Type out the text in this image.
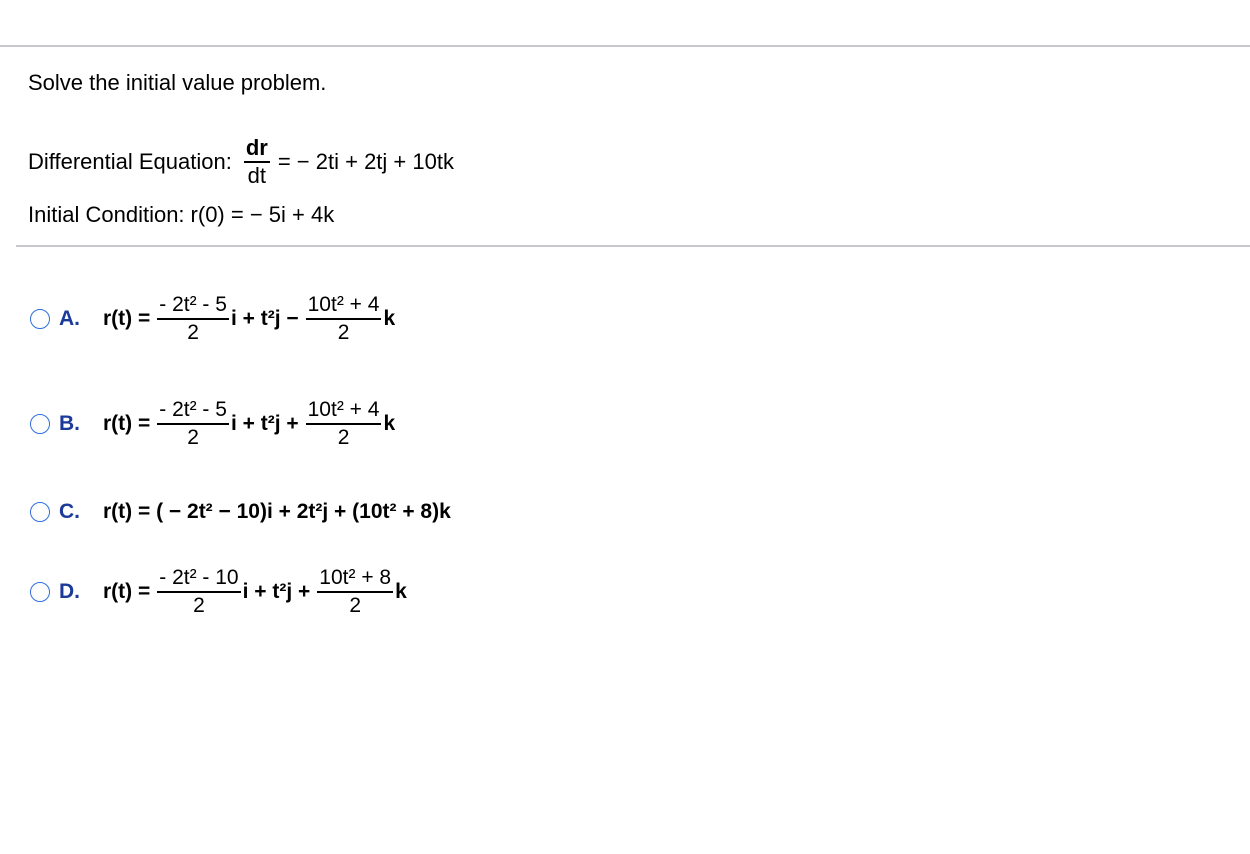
Solve the initial value problem.
Differential Equation: $\frac{dr}{dt}$ = − 2ti + 2tj + 10tk
Initial Condition: r(0) = − 5i + 4k
A.	$r(t) = \frac{\text{- 2t² - 5}}{2}$ $i + t^2j - \frac{\text{10t² + 4}}{2}$ k
B.	$r(t) = \frac{\text{- 2t² - 5}}{2}$ $i + t^2j + \frac{\text{10t² + 4}}{2}$ k
C.	r(t) = ( − 2t² − 10)i + 2t²j + (10t² + 8)k
D.	$r(t) = \frac{\text{- 2t² - 10}}{2}$ $i + t^2j + \frac{\text{10t² + 8}}{2}$ k
